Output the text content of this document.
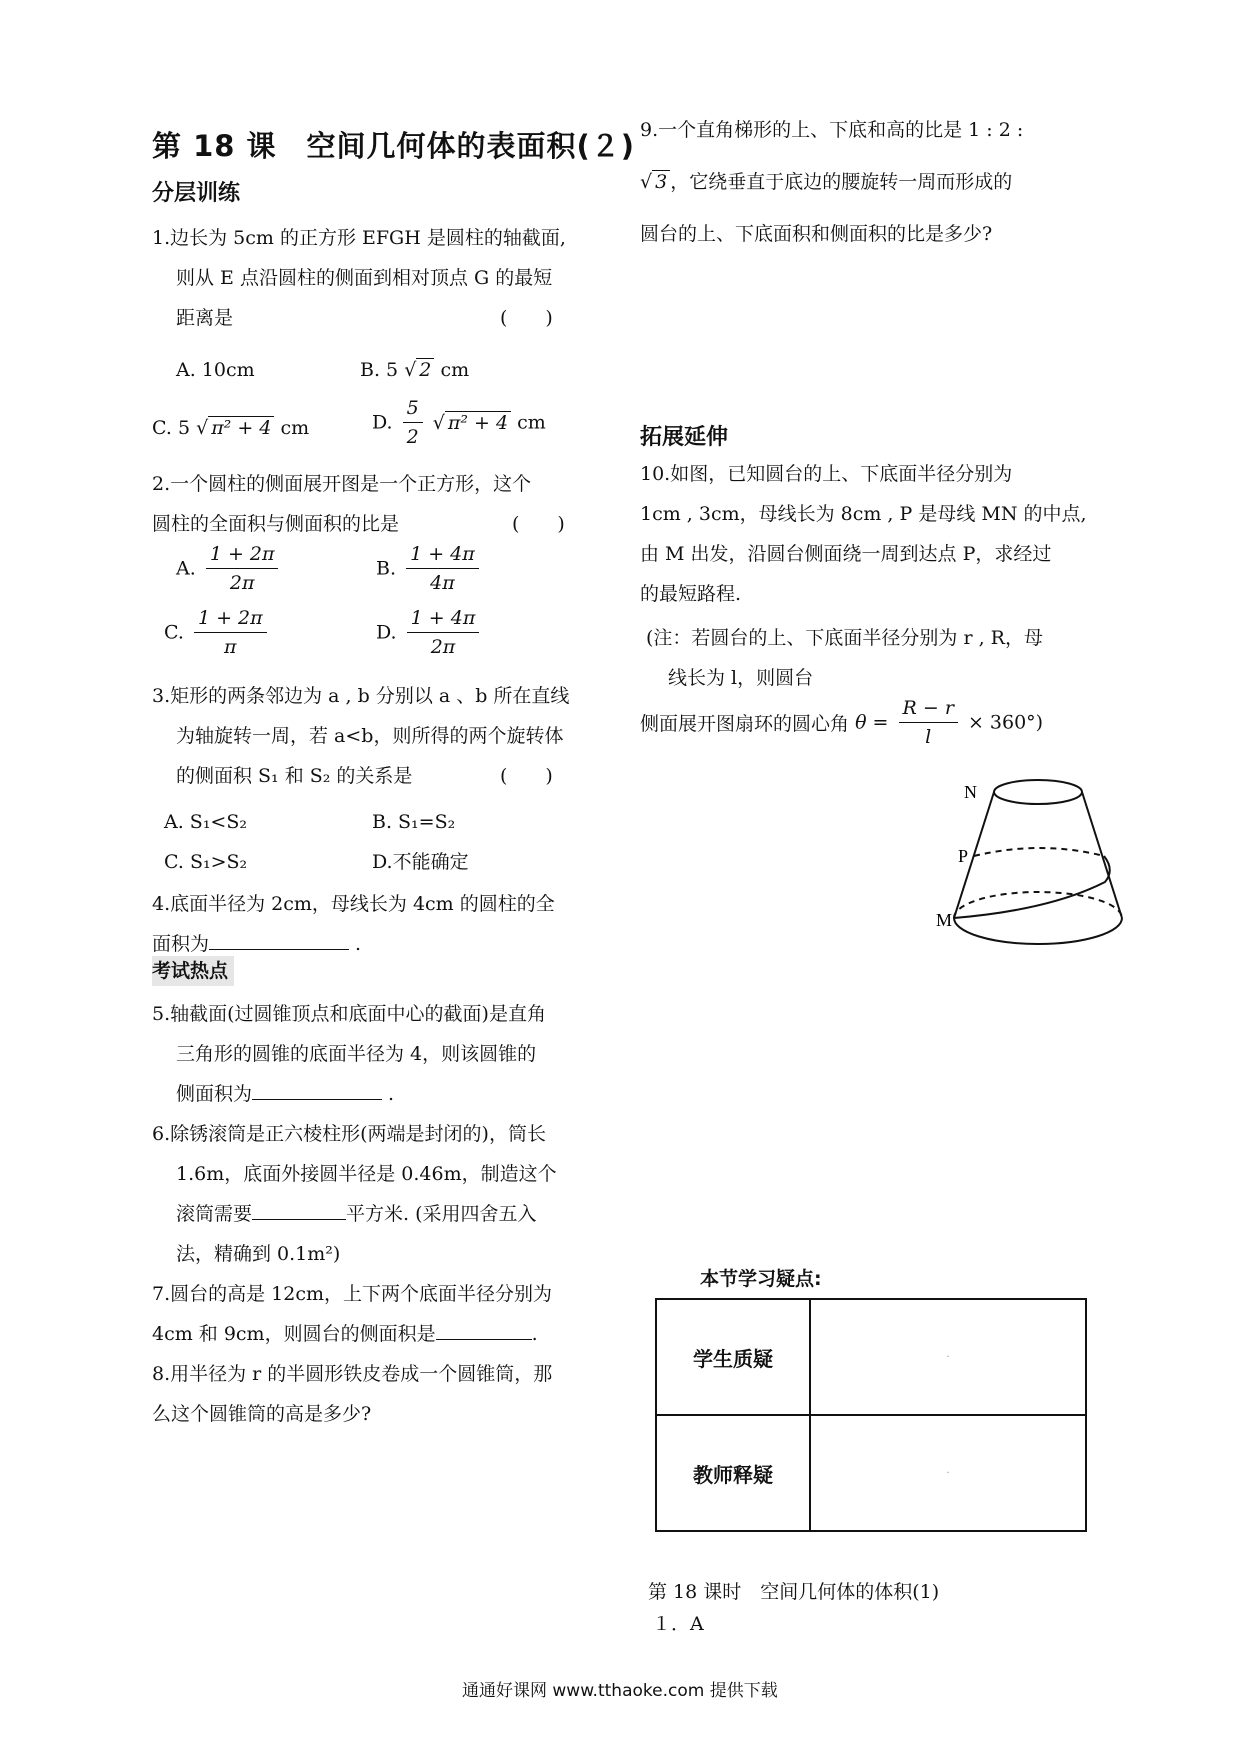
第 18 课　空间几何体的表面积(２)
分层训练
1.边长为 5cm 的正方形 EFGH 是圆柱的轴截面,
则从 E 点沿圆柱的侧面到相对顶点 G 的最短
距离是	(　　)
A. 10cm	B. 5 √ 2 cm
C. 5 √ π² + 4 cm	D. $\frac{5}{2}$ √ π² + 4 cm
2.一个圆柱的侧面展开图是一个正方形，这个
圆柱的全面积与侧面积的比是	(　　)
A. $\frac{1 + 2\pi}{2\pi}$	B. $\frac{1 + 4\pi}{4\pi}$
C. $\frac{1 + 2\pi}{\pi}$	D. $\frac{1 + 4\pi}{2\pi}$
3.矩形的两条邻边为 a , b 分别以 a 、b 所在直线
为轴旋转一周，若 a<b，则所得的两个旋转体
的侧面积 S₁ 和 S₂ 的关系是	(　　)
A. S₁<S₂	B. S₁=S₂
C. S₁>S₂	D.不能确定
4.底面半径为 2cm，母线长为 4cm 的圆柱的全
面积为	.
考试热点
5.轴截面(过圆锥顶点和底面中心的截面)是直角
三角形的圆锥的底面半径为 4，则该圆锥的
侧面积为	.
6.除锈滚筒是正六棱柱形(两端是封闭的)，筒长
1.6m，底面外接圆半径是 0.46m，制造这个
滚筒需要	平方米. (采用四舍五入
法，精确到 0.1m²)
7.圆台的高是 12cm，上下两个底面半径分别为
4cm 和 9cm，则圆台的侧面积是	.
8.用半径为 r 的半圆形铁皮卷成一个圆锥筒，那
么这个圆锥筒的高是多少?
9.一个直角梯形的上、下底和高的比是 1 : 2 :
√ 3 ，它绕垂直于底边的腰旋转一周而形成的
圆台的上、下底面积和侧面积的比是多少?
拓展延伸
10.如图，已知圆台的上、下底面半径分别为
1cm , 3cm，母线长为 8cm , P 是母线 MN 的中点,
由 M 出发，沿圆台侧面绕一周到达点 P，求经过
的最短路程.
(注：若圆台的上、下底面半径分别为 r , R，母
线长为 l，则圆台
侧面展开图扇环的圆心角 $\theta = \frac{R - r}{l} \times 360^\circ$)
N
P
M
本节学习疑点:
学生质疑	·
教师释疑	·
第 18 课时　空间几何体的体积(1)
１．A
通通好课网 www.tthaoke.com 提供下载
